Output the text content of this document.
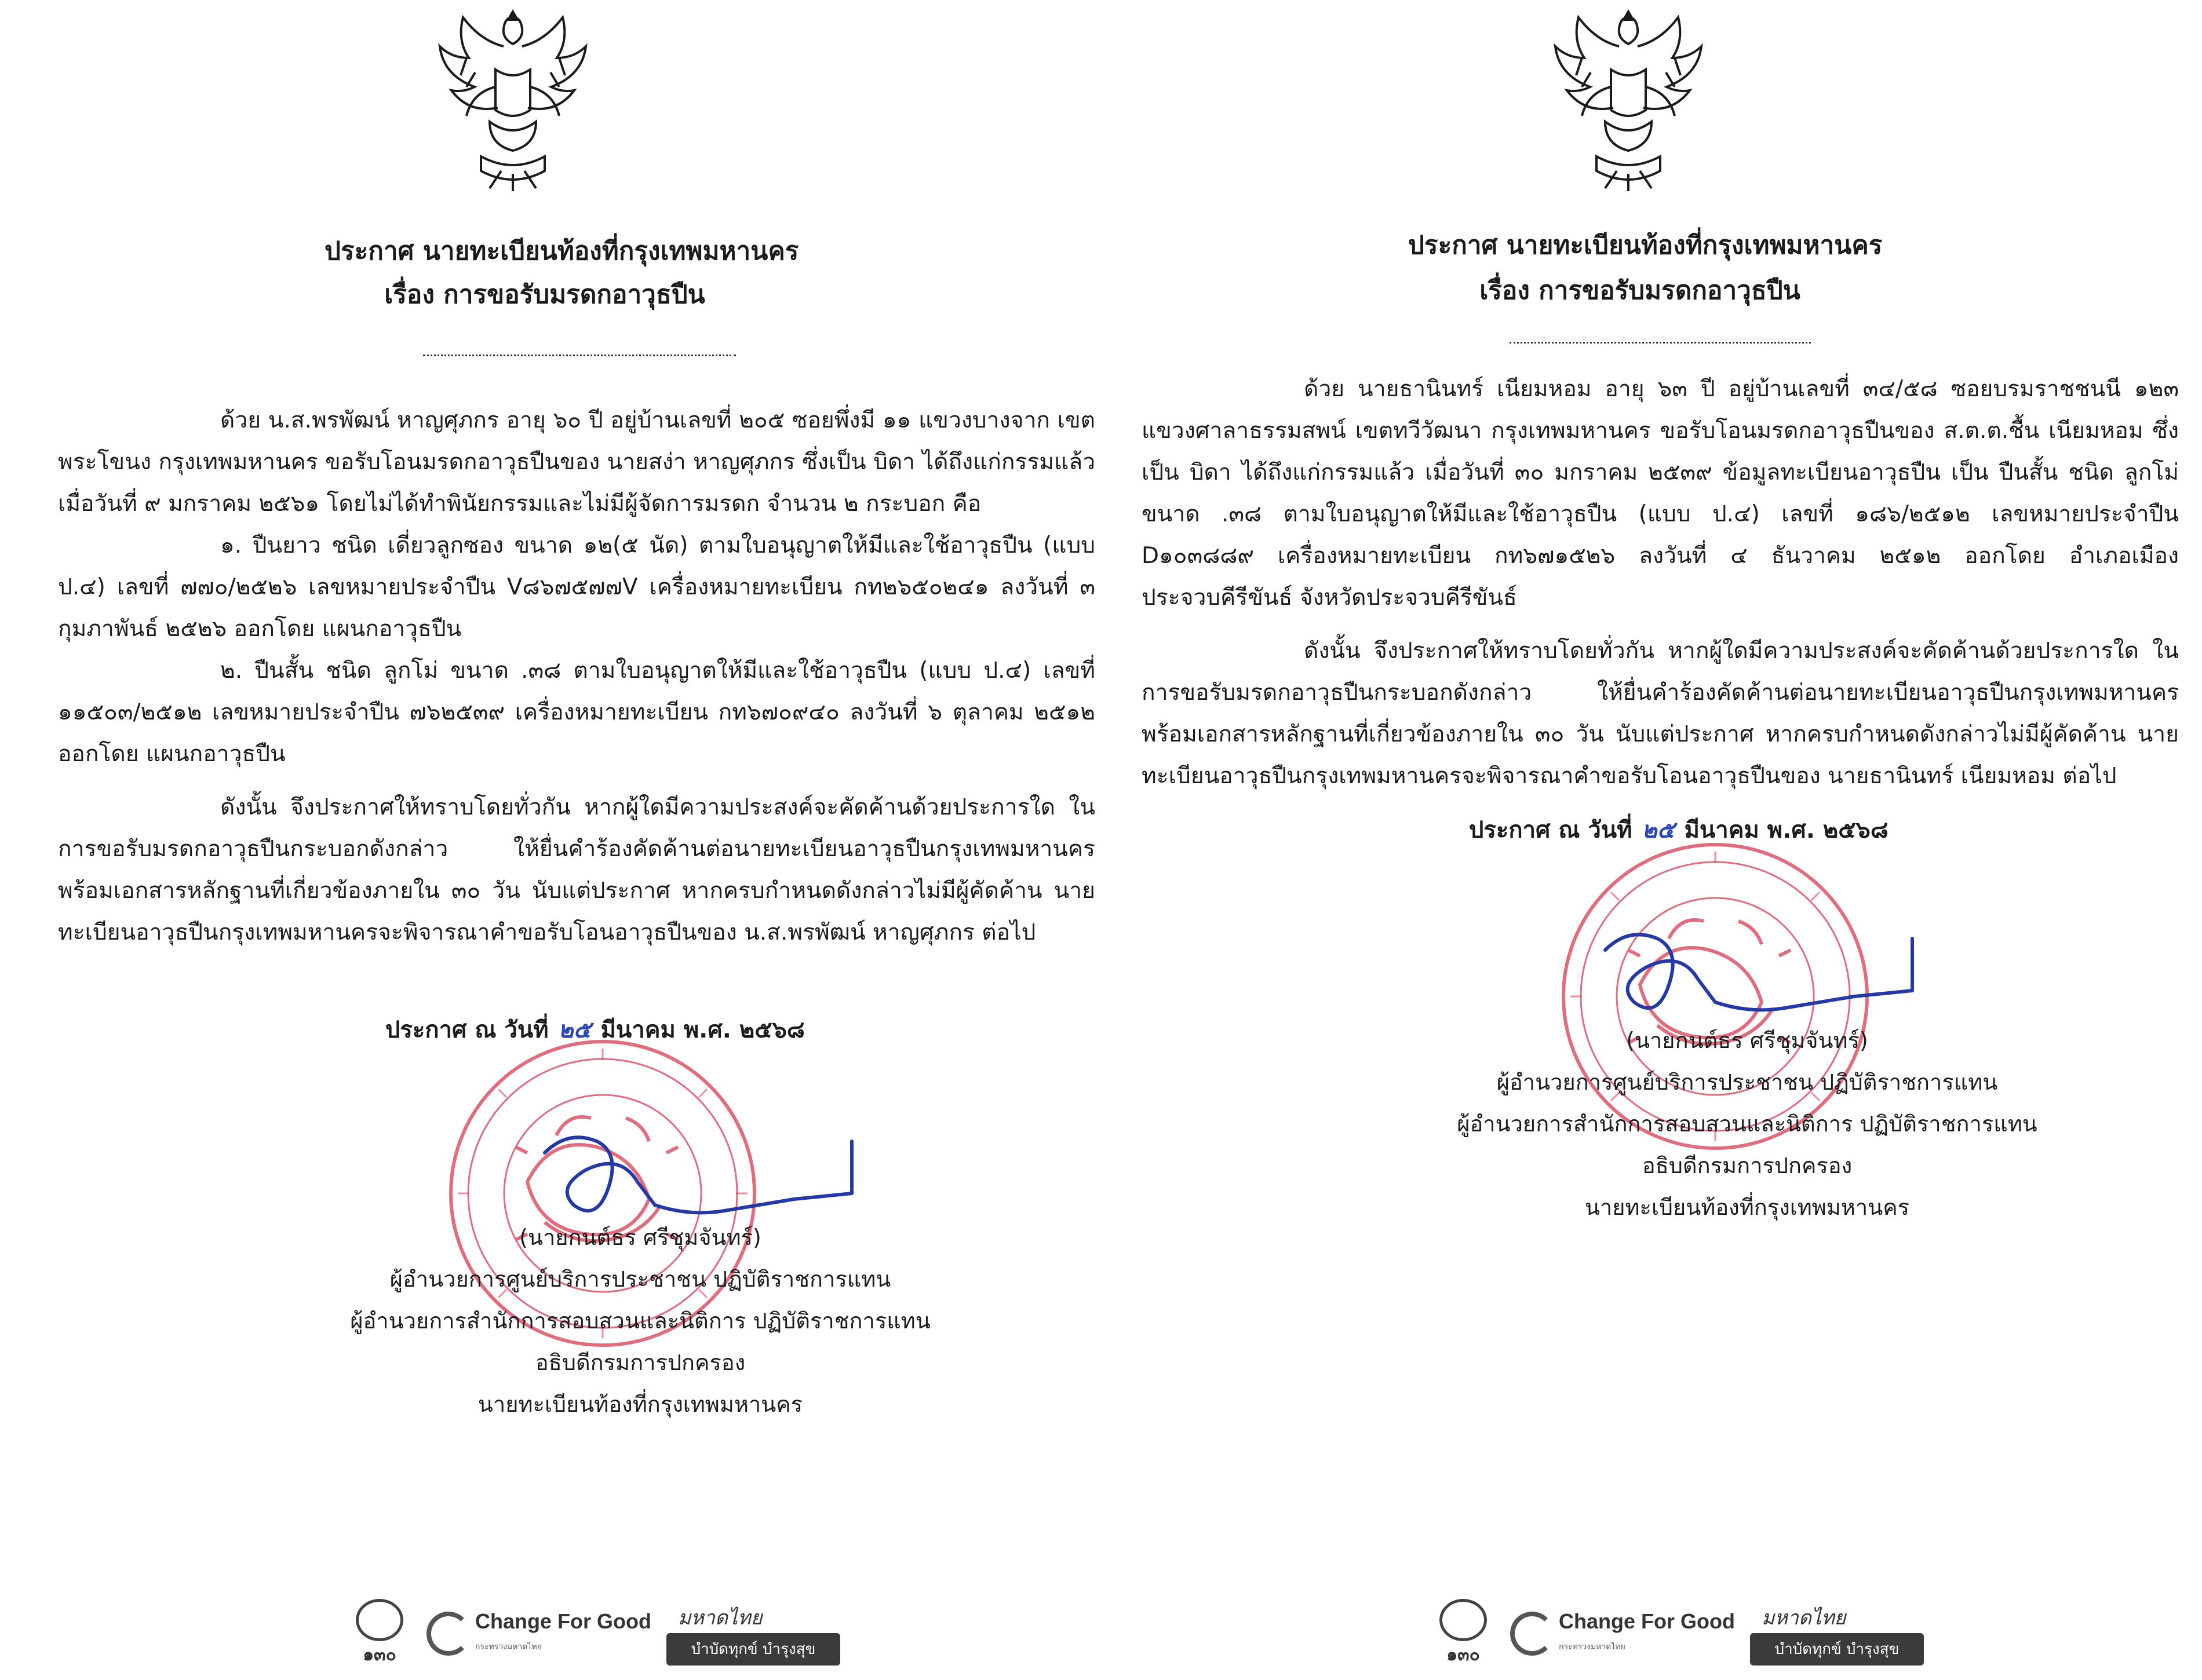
ประกาศ นายทะเบียนท้องที่กรุงเทพมหานคร
เรื่อง การขอรับมรดกอาวุธปืน

ด้วย น.ส.พรพัฒน์ หาญศุภกร อายุ ๖๐ ปี อยู่บ้านเลขที่ ๒๐๕ ซอยพึ่งมี ๑๑ แขวงบางจาก เขตพระโขนง กรุงเทพมหานคร ขอรับโอนมรดกอาวุธปืนของ นายสง่า หาญศุภกร ซึ่งเป็น บิดา ได้ถึงแก่กรรมแล้ว เมื่อวันที่ ๙ มกราคม ๒๕๖๑ โดยไม่ได้ทำพินัยกรรมและไม่มีผู้จัดการมรดก จำนวน ๒ กระบอก คือ

๑. ปืนยาว ชนิด เดี่ยวลูกซอง ขนาด ๑๒(๕ นัด) ตามใบอนุญาตให้มีและใช้อาวุธปืน (แบบ ป.๔) เลขที่ ๗๗๐/๒๕๒๖ เลขหมายประจำปืน V๘๖๗๕๗๗V เครื่องหมายทะเบียน กท๒๖๕๐๒๔๑ ลงวันที่ ๓ กุมภาพันธ์ ๒๕๒๖ ออกโดย แผนกอาวุธปืน

๒. ปืนสั้น ชนิด ลูกโม่ ขนาด .๓๘ ตามใบอนุญาตให้มีและใช้อาวุธปืน (แบบ ป.๔) เลขที่ ๑๑๕๐๓/๒๕๑๒ เลขหมายประจำปืน ๗๖๒๕๓๙ เครื่องหมายทะเบียน กท๖๗๐๙๔๐ ลงวันที่ ๖ ตุลาคม ๒๕๑๒ ออกโดย แผนกอาวุธปืน

ดังนั้น จึงประกาศให้ทราบโดยทั่วกัน หากผู้ใดมีความประสงค์จะคัดค้านด้วยประการใด ในการขอรับมรดกอาวุธปืนกระบอกดังกล่าว ให้ยื่นคำร้องคัดค้านต่อนายทะเบียนอาวุธปืนกรุงเทพมหานคร พร้อมเอกสารหลักฐานที่เกี่ยวข้องภายใน ๓๐ วัน นับแต่ประกาศ หากครบกำหนดดังกล่าวไม่มีผู้คัดค้าน นายทะเบียนอาวุธปืนกรุงเทพมหานครจะพิจารณาคำขอรับโอนอาวุธปืนของ น.ส.พรพัฒน์ หาญศุภกร ต่อไป

ประกาศ ณ วันที่ ๒๕ มีนาคม พ.ศ. ๒๕๖๘

(นายกนต์ธร ศรีชุมจันทร์)

ผู้อำนวยการศูนย์บริการประชาชน ปฏิบัติราชการแทน

ผู้อำนวยการสำนักการสอบสวนและนิติการ ปฏิบัติราชการแทน

อธิบดีกรมการปกครอง

นายทะเบียนท้องที่กรุงเทพมหานคร

๑๓๐
Change For Good
กระทรวงมหาดไทย
มหาดไทย
บำบัดทุกข์ บำรุงสุข
ประกาศ นายทะเบียนท้องที่กรุงเทพมหานคร
เรื่อง การขอรับมรดกอาวุธปืน

ด้วย นายธานินทร์ เนียมหอม อายุ ๖๓ ปี อยู่บ้านเลขที่ ๓๔/๕๘ ซอยบรมราชชนนี ๑๒๓ แขวงศาลาธรรมสพน์ เขตทวีวัฒนา กรุงเทพมหานคร ขอรับโอนมรดกอาวุธปืนของ ส.ต.ต.ชื้น เนียมหอม ซึ่งเป็น บิดา ได้ถึงแก่กรรมแล้ว เมื่อวันที่ ๓๐ มกราคม ๒๕๓๙ ข้อมูลทะเบียนอาวุธปืน เป็น ปืนสั้น ชนิด ลูกโม่ ขนาด .๓๘ ตามใบอนุญาตให้มีและใช้อาวุธปืน (แบบ ป.๔) เลขที่ ๑๘๖/๒๕๑๒ เลขหมายประจำปืน D๑๐๓๘๘๙ เครื่องหมายทะเบียน กท๖๗๑๕๒๖ ลงวันที่ ๔ ธันวาคม ๒๕๑๒ ออกโดย อำเภอเมือง ประจวบคีรีขันธ์ จังหวัดประจวบคีรีขันธ์

ดังนั้น จึงประกาศให้ทราบโดยทั่วกัน หากผู้ใดมีความประสงค์จะคัดค้านด้วยประการใด ในการขอรับมรดกอาวุธปืนกระบอกดังกล่าว ให้ยื่นคำร้องคัดค้านต่อนายทะเบียนอาวุธปืนกรุงเทพมหานคร พร้อมเอกสารหลักฐานที่เกี่ยวข้องภายใน ๓๐ วัน นับแต่ประกาศ หากครบกำหนดดังกล่าวไม่มีผู้คัดค้าน นายทะเบียนอาวุธปืนกรุงเทพมหานครจะพิจารณาคำขอรับโอนอาวุธปืนของ นายธานินทร์ เนียมหอม ต่อไป

ประกาศ ณ วันที่ ๒๕ มีนาคม พ.ศ. ๒๕๖๘

(นายกนต์ธร ศรีชุมจันทร์)

ผู้อำนวยการศูนย์บริการประชาชน ปฏิบัติราชการแทน

ผู้อำนวยการสำนักการสอบสวนและนิติการ ปฏิบัติราชการแทน

อธิบดีกรมการปกครอง

นายทะเบียนท้องที่กรุงเทพมหานคร

๑๓๐
Change For Good
กระทรวงมหาดไทย
มหาดไทย
บำบัดทุกข์ บำรุงสุข
